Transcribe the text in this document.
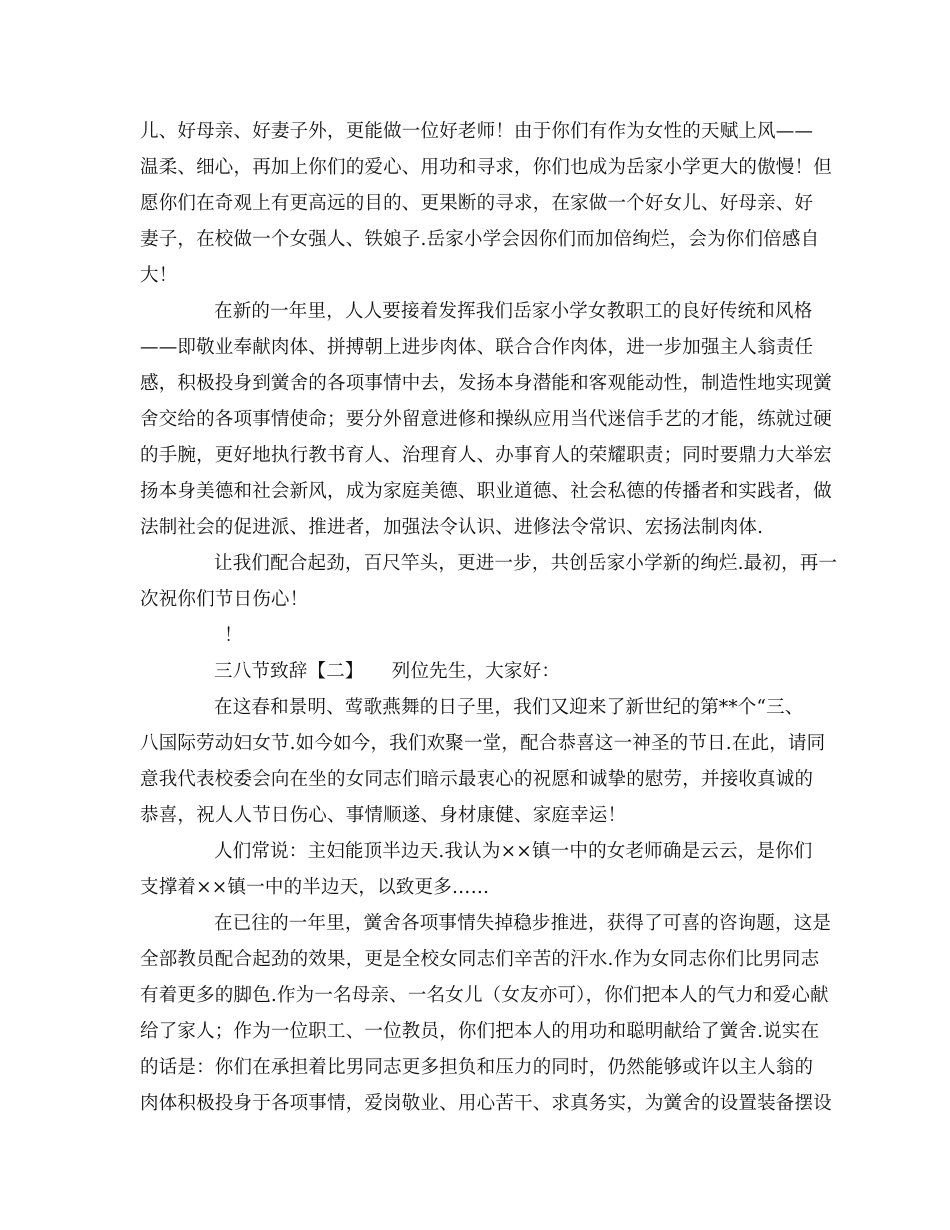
儿、好母亲、好妻子外，更能做一位好老师！由于你们有作为女性的天赋上风——
温柔、细心，再加上你们的爱心、用功和寻求，你们也成为岳家小学更大的傲慢！但
愿你们在奇观上有更高远的目的、更果断的寻求，在家做一个好女儿、好母亲、好
妻子，在校做一个女强人、铁娘子.岳家小学会因你们而加倍绚烂，会为你们倍感自
大！
在新的一年里，人人要接着发挥我们岳家小学女教职工的良好传统和风格
——即敬业奉献肉体、拼搏朝上进步肉体、联合合作肉体，进一步加强主人翁责任
感，积极投身到黉舍的各项事情中去，发扬本身潜能和客观能动性，制造性地实现黉
舍交给的各项事情使命；要分外留意进修和操纵应用当代迷信手艺的才能，练就过硬
的手腕，更好地执行教书育人、治理育人、办事育人的荣耀职责；同时要鼎力大举宏
扬本身美德和社会新风，成为家庭美德、职业道德、社会私德的传播者和实践者，做
法制社会的促进派、推进者，加强法令认识、进修法令常识、宏扬法制肉体.
让我们配合起劲，百尺竿头，更进一步，共创岳家小学新的绚烂.最初，再一
次祝你们节日伤心！
！
三八节致辞【二】　　列位先生，大家好：
在这春和景明、莺歌燕舞的日子里，我们又迎来了新世纪的第**个“三、
八国际劳动妇女节.如今如今，我们欢聚一堂，配合恭喜这一神圣的节日.在此，请同
意我代表校委会向在坐的女同志们暗示最衷心的祝愿和诚挚的慰劳，并接收真诚的
恭喜，祝人人节日伤心、事情顺遂、身材康健、家庭幸运！
人们常说：主妇能顶半边天.我认为××镇一中的女老师确是云云，是你们
支撑着××镇一中的半边天，以致更多……
在已往的一年里，黉舍各项事情失掉稳步推进，获得了可喜的咨询题，这是
全部教员配合起劲的效果，更是全校女同志们辛苦的汗水.作为女同志你们比男同志
有着更多的脚色.作为一名母亲、一名女儿（女友亦可），你们把本人的气力和爱心献
给了家人；作为一位职工、一位教员，你们把本人的用功和聪明献给了黉舍.说实在
的话是：你们在承担着比男同志更多担负和压力的同时，仍然能够或许以主人翁的
肉体积极投身于各项事情，爱岗敬业、用心苦干、求真务实，为黉舍的设置装备摆设
